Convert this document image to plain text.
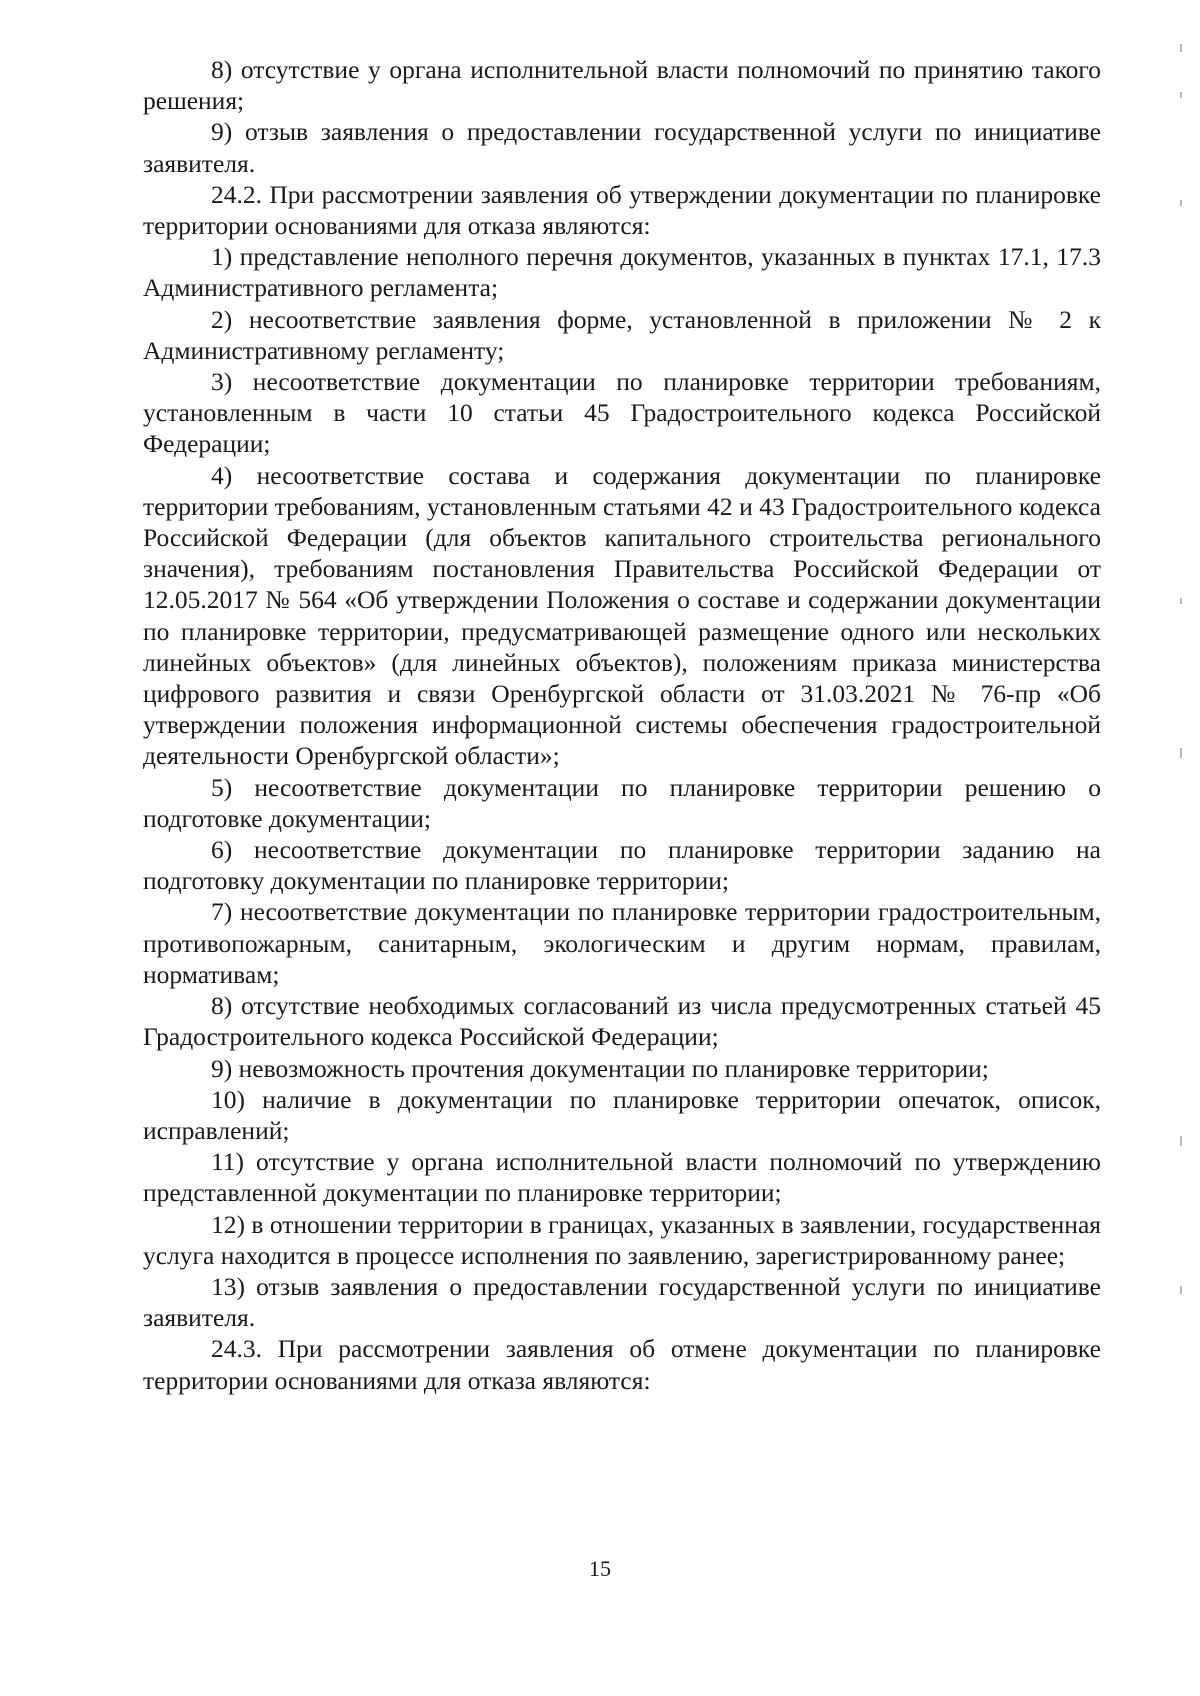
8) отсутствие у органа исполнительной власти полномочий по принятию такого решения;

9) отзыв заявления о предоставлении государственной услуги по инициативе заявителя.

24.2. При рассмотрении заявления об утверждении документации по планировке территории основаниями для отказа являются:

1) представление неполного перечня документов, указанных в пунктах 17.1, 17.3 Административного регламента;

2) несоответствие заявления форме, установленной в приложении № 2 к Административному регламенту;

3) несоответствие документации по планировке территории требованиям, установленным в части 10 статьи 45 Градостроительного кодекса Российской Федерации;

4) несоответствие состава и содержания документации по планировке территории требованиям, установленным статьями 42 и 43 Градостроительного кодекса Российской Федерации (для объектов капитального строительства регионального значения), требованиям постановления Правительства Российской Федерации от 12.05.2017 № 564 «Об утверждении Положения о составе и содержании документации по планировке территории, предусматривающей размещение одного или нескольких линейных объектов» (для линейных объектов), положениям приказа министерства цифрового развития и связи Оренбургской области от 31.03.2021 № 76-пр «Об утверждении положения информационной системы обеспечения градостроительной деятельности Оренбургской области»;

5) несоответствие документации по планировке территории решению о подготовке документации;

6) несоответствие документации по планировке территории заданию на подготовку документации по планировке территории;

7) несоответствие документации по планировке территории градостроительным, противопожарным, санитарным, экологическим и другим нормам, правилам, нормативам;

8) отсутствие необходимых согласований из числа предусмотренных статьей 45 Градостроительного кодекса Российской Федерации;

9) невозможность прочтения документации по планировке территории;

10) наличие в документации по планировке территории опечаток, описок, исправлений;

11) отсутствие у органа исполнительной власти полномочий по утверждению представленной документации по планировке территории;

12) в отношении территории в границах, указанных в заявлении, государственная услуга находится в процессе исполнения по заявлению, зарегистрированному ранее;

13) отзыв заявления о предоставлении государственной услуги по инициативе заявителя.

24.3. При рассмотрении заявления об отмене документации по планировке территории основаниями для отказа являются:

15
